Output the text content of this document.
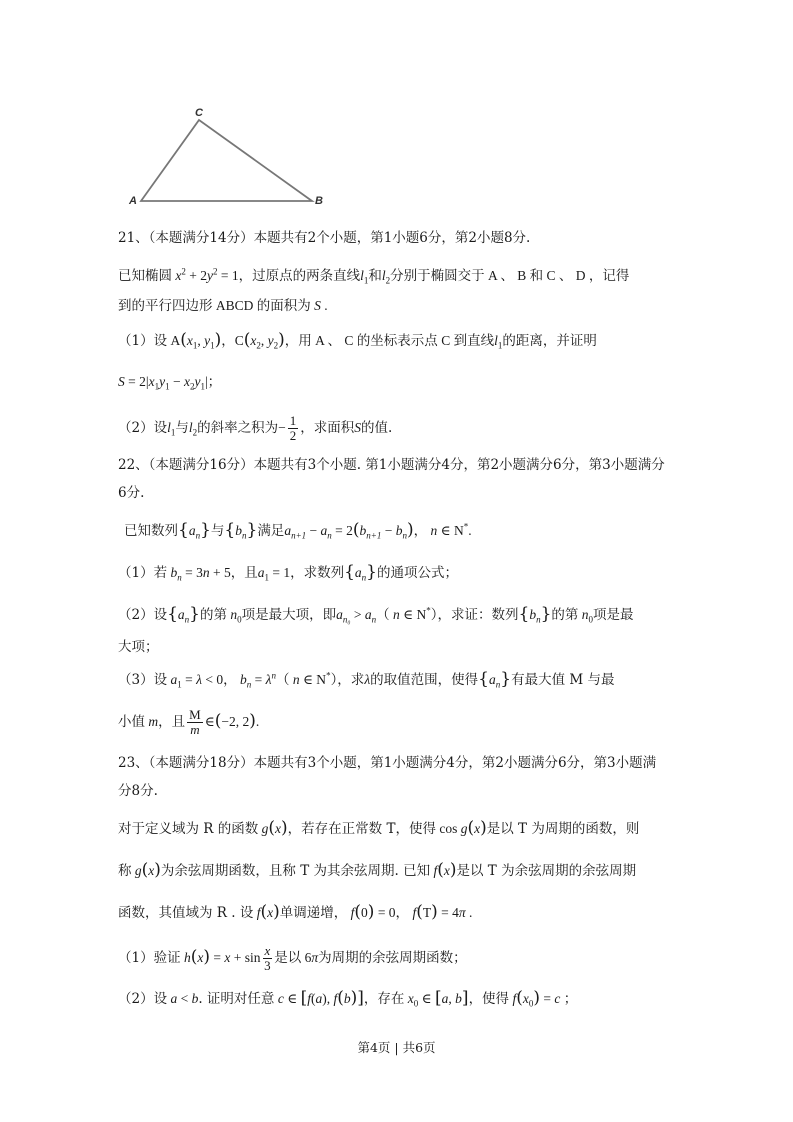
C
A	B
21、（本题满分14分）本题共有2个小题，第1小题6分，第2小题8分.
已知椭圆 $x^2 + 2y^2 = 1$，过原点的两条直线$l_1$和$l_2$分别于椭圆交于 A 、 B 和 C 、 D ，记得
到的平行四边形 ABCD 的面积为 S .
（1）设 $A(x_1$, $y_1$)，$C(x_2$, $y_2$)，用 A 、 C 的坐标表示点 C 到直线$l_1$的距离，并证明
$S = 2|x_1y_1 - x_2y_1|$；
（2）设$l_1$与$l_2$的斜率之积为− $\frac{1}{2}$ ，求面积S的值.
22、（本题满分16分）本题共有3个小题. 第1小题满分4分，第2小题满分6分，第3小题满分
6分.
已知数列$\{a_n\}$与$\{b_n\}$满足$a_{n+1} - a_n = 2(b_{n+1} - b_n)$， n ∈ N*.
（1）若 $b_n = 3n + 5$，且$a_1 = 1$，求数列$\{a_n\}$的通项公式；
（2）设$\{a_n\}$的第 $n_0$项是最大项，即$a_{n_0} > a_n$（ n ∈ N*），求证：数列$\{b_n\}$的第 $n_0$项是最
大项；
（3）设 $a_1 = \lambda < 0$， $b_n = \lambda^n$（ n ∈ N*），求λ的取值范围，使得$\{a_n\}$有最大值 M 与最
小值 m，且 $\frac{M}{m}$ ∈(−2, 2).
23、（本题满分18分）本题共有3个小题，第1小题满分4分，第2小题满分6分，第3小题满
分8分.
对于定义域为 R 的函数 g(x)，若存在正常数 T，使得 cos g(x)是以 T 为周期的函数，则
称 g(x)为余弦周期函数，且称 T 为其余弦周期. 已知 f(x)是以 T 为余弦周期的余弦周期
函数，其值域为 R . 设 f(x)单调递增， f(0) = 0， f(T) = 4π .
（1）验证 $h(x) = x + \sin \frac{x}{3}$ 是以 6π为周期的余弦周期函数；
（2）设 a < b. 证明对任意 c ∈ [f(a), f(b)]，存在 $x_0$ ∈ [a, b]，使得 $f(x_0) = c$ ；
第4页 | 共6页
